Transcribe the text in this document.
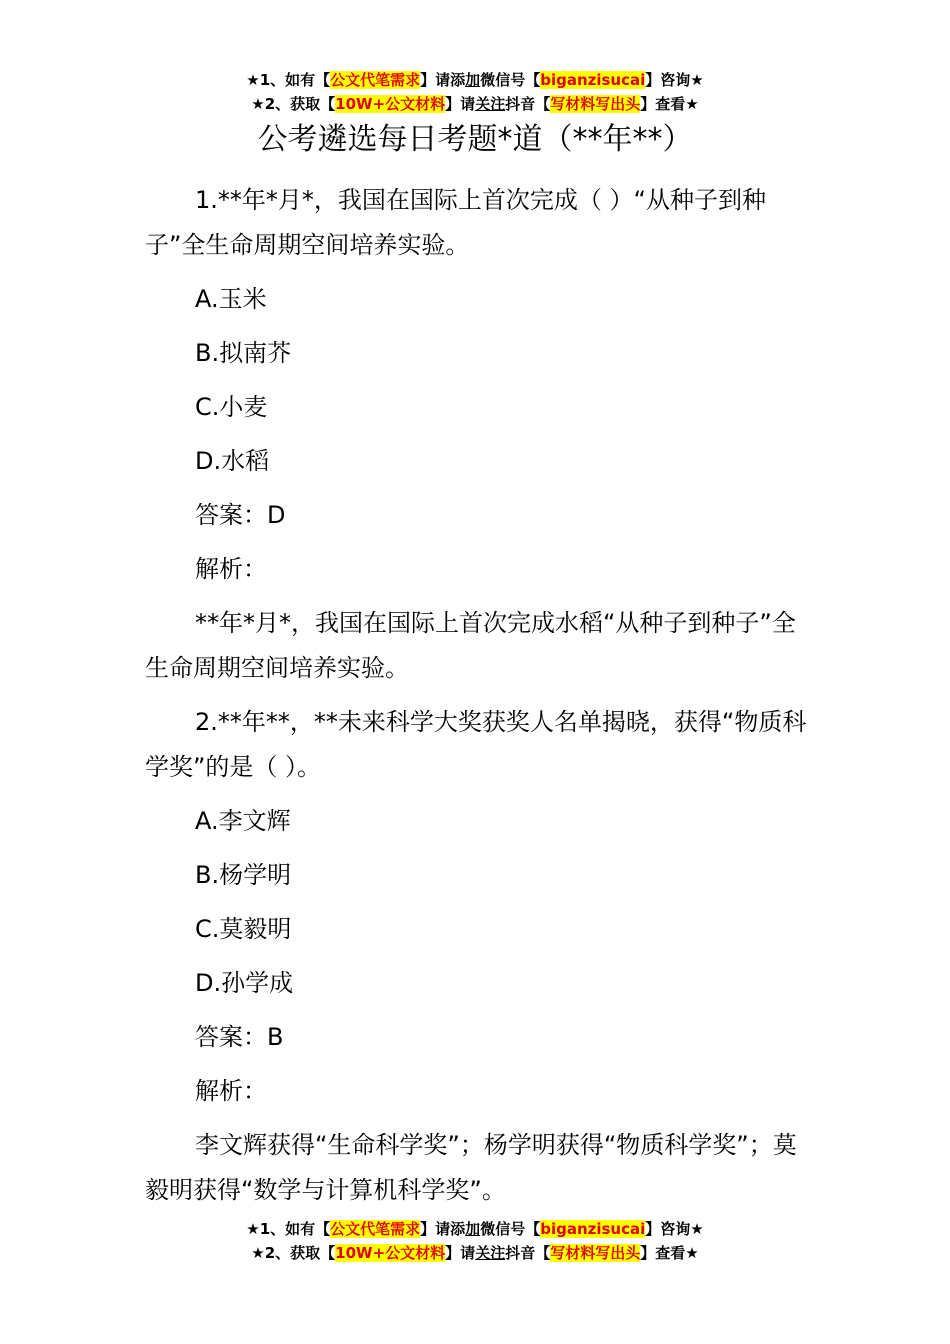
★1、如有【公文代笔需求】请添加微信号【biganzisucai】咨询★
★2、获取【10W+公文材料】请关注抖音【写材料写出头】查看★
公考遴选每日考题*道（**年**）

1.**年*月*，我国在国际上首次完成（ ）“从种子到种子”全生命周期空间培养实验。

A.玉米

B.拟南芥

C.小麦

D.水稻

答案：D

解析：

**年*月*，我国在国际上首次完成水稻“从种子到种子”全生命周期空间培养实验。

2.**年**，**未来科学大奖获奖人名单揭晓，获得“物质科学奖”的是（ ）。

A.李文辉

B.杨学明

C.莫毅明

D.孙学成

答案：B

解析：

李文辉获得“生命科学奖”；杨学明获得“物质科学奖”；莫毅明获得“数学与计算机科学奖”。

★1、如有【公文代笔需求】请添加微信号【biganzisucai】咨询★
★2、获取【10W+公文材料】请关注抖音【写材料写出头】查看★
